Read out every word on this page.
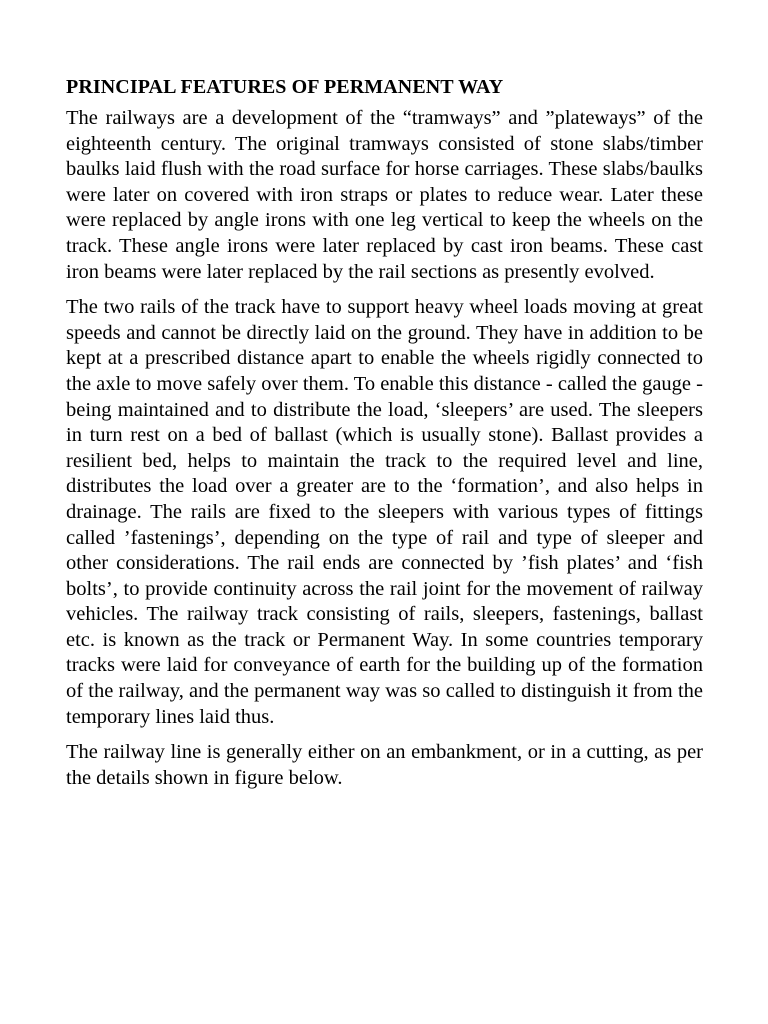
PRINCIPAL FEATURES OF PERMANENT WAY

The railways are a development of the “tramways” and ”plateways” of the eighteenth century. The original tramways consisted of stone slabs/timber baulks laid flush with the road surface for horse carriages. These slabs/baulks were later on covered with iron straps or plates to reduce wear. Later these were replaced by angle irons with one leg vertical to keep the wheels on the track. These angle irons were later replaced by cast iron beams. These cast iron beams were later replaced by the rail sections as presently evolved.

The two rails of the track have to support heavy wheel loads moving at great speeds and cannot be directly laid on the ground. They have in addition to be kept at a prescribed distance apart to enable the wheels rigidly connected to the axle to move safely over them. To enable this distance - called the gauge - being maintained and to distribute the load, ‘sleepers’ are used. The sleepers in turn rest on a bed of ballast (which is usually stone). Ballast provides a resilient bed, helps to maintain the track to the required level and line, distributes the load over a greater are to the ‘formation’, and also helps in drainage. The rails are fixed to the sleepers with various types of fittings called ’fastenings’, depending on the type of rail and type of sleeper and other considerations. The rail ends are connected by ’fish plates’ and ‘fish bolts’, to provide continuity across the rail joint for the movement of railway vehicles. The railway track consisting of rails, sleepers, fastenings, ballast etc. is known as the track or Permanent Way. In some countries temporary tracks were laid for conveyance of earth for the building up of the formation of the railway, and the permanent way was so called to distinguish it from the temporary lines laid thus.

The railway line is generally either on an embankment, or in a cutting, as per the details shown in figure below.
